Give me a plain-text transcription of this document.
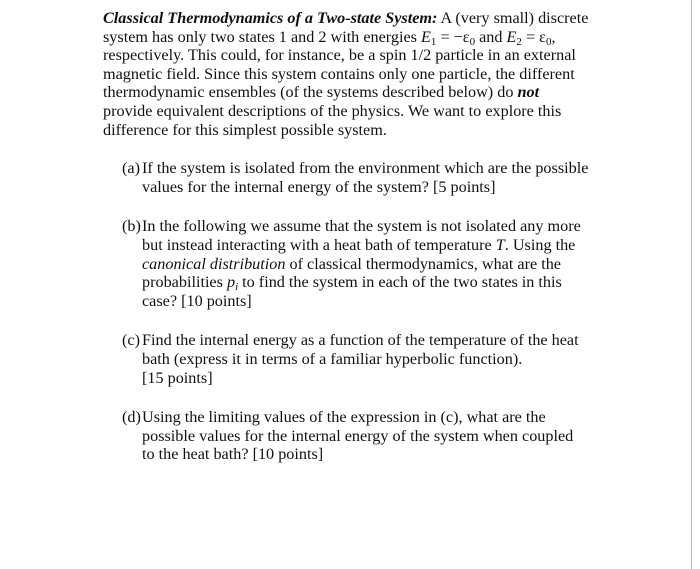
Classical Thermodynamics of a Two-state System: A (very small) discrete system has only two states 1 and 2 with energies $E_1 = -\varepsilon_0$ and $E_2 = \varepsilon_0$, respectively. This could, for instance, be a spin 1/2 particle in an external magnetic field. Since this system contains only one particle, the different thermodynamic ensembles (of the systems described below) do not provide equivalent descriptions of the physics. We want to explore this difference for this simplest possible system.

(a) If the system is isolated from the environment which are the possible values for the internal energy of the system? [5 points]
(b) In the following we assume that the system is not isolated any more but instead interacting with a heat bath of temperature T. Using the canonical distribution of classical thermodynamics, what are the probabilities $p_i$ to find the system in each of the two states in this case? [10 points]
(c) Find the internal energy as a function of the temperature of the heat bath (express it in terms of a familiar hyperbolic function).
[15 points]
(d) Using the limiting values of the expression in (c), what are the possible values for the internal energy of the system when coupled to the heat bath? [10 points]
